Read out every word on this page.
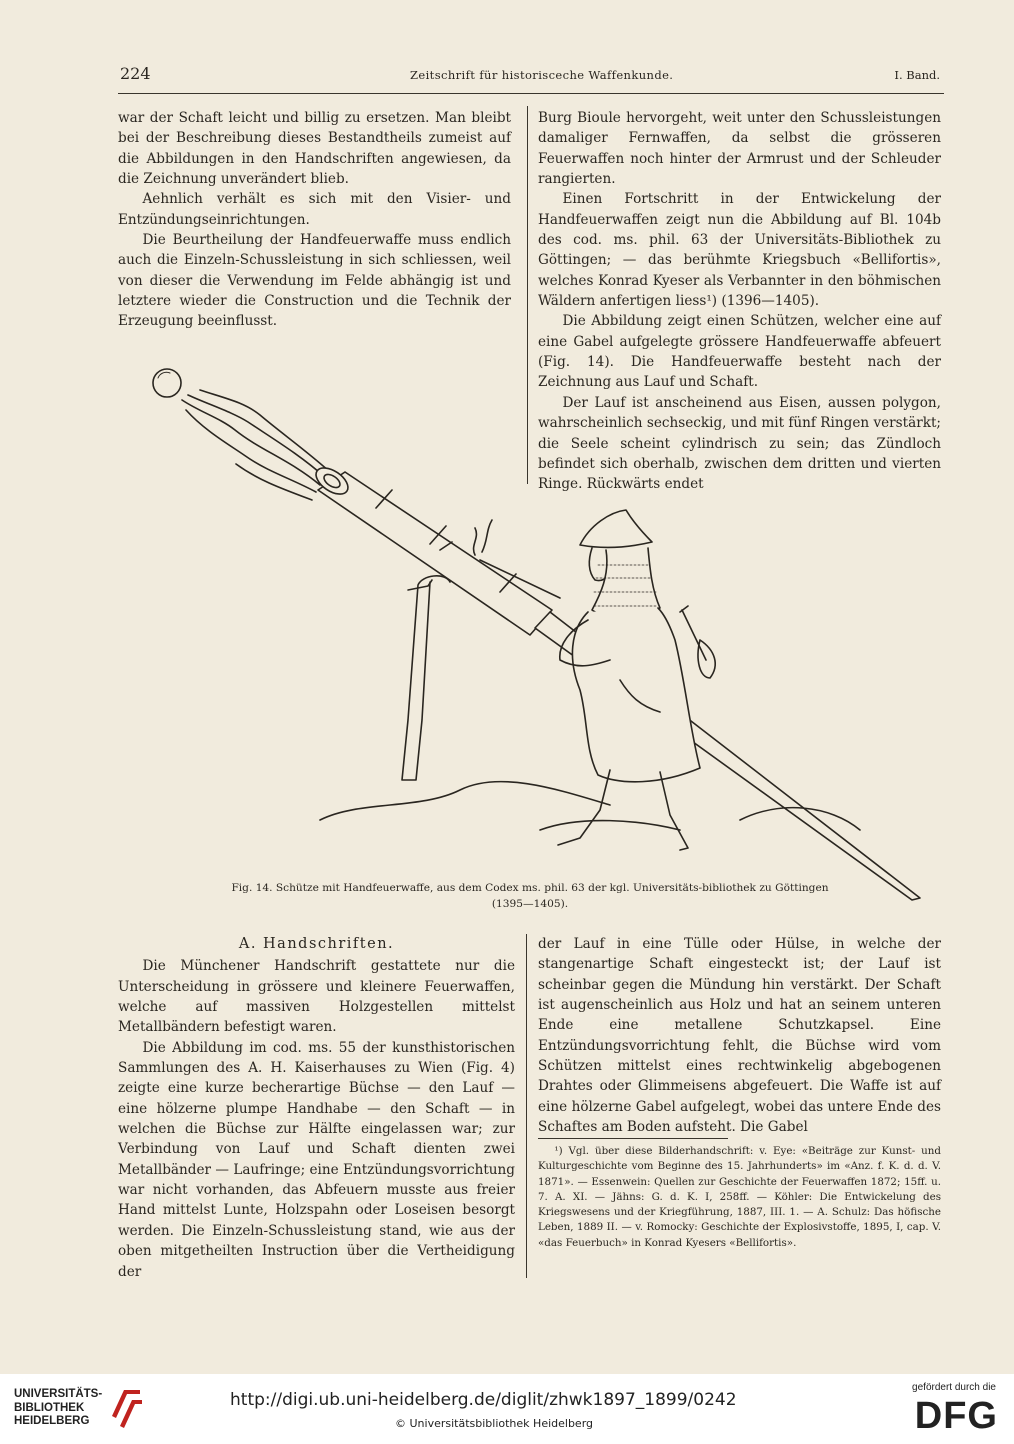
224	Zeitschrift für historisceche Waffenkunde.	I. Band.

war der Schaft leicht und billig zu ersetzen. Man bleibt bei der Beschreibung dieses Bestandtheils zumeist auf die Abbildungen in den Handschriften angewiesen, da die Zeichnung unverändert blieb.

Aehnlich verhält es sich mit den Visier- und Entzündungseinrichtungen.

Die Beurtheilung der Handfeuerwaffe muss endlich auch die Einzeln-Schussleistung in sich schliessen, weil von dieser die Verwendung im Felde abhängig ist und letztere wieder die Construction und die Technik der Erzeugung beeinflusst.

Burg Bioule hervorgeht, weit unter den Schussleistungen damaliger Fernwaffen, da selbst die grösseren Feuerwaffen noch hinter der Armrust und der Schleuder rangierten.

Einen Fortschritt in der Entwickelung der Handfeuerwaffen zeigt nun die Abbildung auf Bl. 104b des cod. ms. phil. 63 der Universitäts-Bibliothek zu Göttingen; — das berühmte Kriegsbuch «Bellifortis», welches Konrad Kyeser als Verbannter in den böhmischen Wäldern anfertigen liess¹) (1396—1405).

Die Abbildung zeigt einen Schützen, welcher eine auf eine Gabel aufgelegte grössere Handfeuerwaffe abfeuert (Fig. 14). Die Handfeuerwaffe besteht nach der Zeichnung aus Lauf und Schaft.

Der Lauf ist anscheinend aus Eisen, aussen polygon, wahrscheinlich sechseckig, und mit fünf Ringen verstärkt; die Seele scheint cylindrisch zu sein; das Zündloch befindet sich oberhalb, zwischen dem dritten und vierten Ringe. Rückwärts endet

Fig. 14. Schütze mit Handfeuerwaffe, aus dem Codex ms. phil. 63 der kgl. Universitäts-bibliothek zu Göttingen (1395—1405).
A. Handschriften.

Die Münchener Handschrift gestattete nur die Unterscheidung in grössere und kleinere Feuerwaffen, welche auf massiven Holzgestellen mittelst Metallbändern befestigt waren.

Die Abbildung im cod. ms. 55 der kunsthistorischen Sammlungen des A. H. Kaiserhauses zu Wien (Fig. 4) zeigte eine kurze becherartige Büchse — den Lauf — eine hölzerne plumpe Handhabe — den Schaft — in welchen die Büchse zur Hälfte eingelassen war; zur Verbindung von Lauf und Schaft dienten zwei Metallbänder — Laufringe; eine Entzündungsvorrichtung war nicht vorhanden, das Abfeuern musste aus freier Hand mittelst Lunte, Holzspahn oder Loseisen besorgt werden. Die Einzeln-Schussleistung stand, wie aus der oben mitgetheilten Instruction über die Vertheidigung der

der Lauf in eine Tülle oder Hülse, in welche der stangenartige Schaft eingesteckt ist; der Lauf ist scheinbar gegen die Mündung hin verstärkt. Der Schaft ist augenscheinlich aus Holz und hat an seinem unteren Ende eine metallene Schutzkapsel. Eine Entzündungsvorrichtung fehlt, die Büchse wird vom Schützen mittelst eines rechtwinkelig abgebogenen Drahtes oder Glimmeisens abgefeuert. Die Waffe ist auf eine hölzerne Gabel aufgelegt, wobei das untere Ende des Schaftes am Boden aufsteht. Die Gabel

¹) Vgl. über diese Bilderhandschrift: v. Eye: «Beiträge zur Kunst- und Kulturgeschichte vom Beginne des 15. Jahrhunderts» im «Anz. f. K. d. d. V. 1871». — Essenwein: Quellen zur Geschichte der Feuerwaffen 1872; 15ff. u. 7. A. XI. — Jähns: G. d. K. I, 258ff. — Köhler: Die Entwickelung des Kriegswesens und der Kriegführung, 1887, III. 1. — A. Schulz: Das höfische Leben, 1889 II. — v. Romocky: Geschichte der Explosivstoffe, 1895, I, cap. V. «das Feuerbuch» in Konrad Kyesers «Bellifortis».

UNIVERSITÄTS-
BIBLIOTHEK
HEIDELBERG
http://digi.ub.uni-heidelberg.de/diglit/zhwk1897_1899/0242
© Universitätsbibliothek Heidelberg
gefördert durch die
DFG
